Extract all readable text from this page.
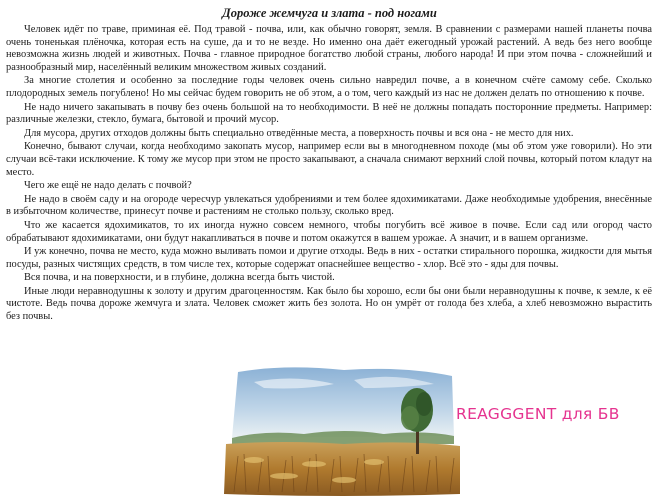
Дороже жемчуга и злата - под ногами

Человек идёт по траве, приминая её. Под травой - почва, или, как обычно говорят, земля. В сравнении с размерами нашей планеты почва очень тоненькая плёночка, которая есть на суше, да и то не везде. Но именно она даёт ежегодный урожай растений. А ведь без него вообще невозможна жизнь людей и животных. Почва - главное природное богатство любой страны, любого народа! И при этом почва - сложнейший и разнообразный мир, населённый великим множеством живых созданий.

За многие столетия и особенно за последние годы человек очень сильно навредил почве, а в конечном счёте самому себе. Сколько плодородных земель погублено! Но мы сейчас будем говорить не об этом, а о том, чего каждый из нас не должен делать по отношению к почве.

Не надо ничего закапывать в почву без очень большой на то необходимости. В неё не должны попадать посторонние предметы. Например: различные железки, стекло, бумага, бытовой и прочий мусор.

Для мусора, других отходов должны быть специально отведённые места, а поверхность почвы и вся она - не место для них.

Конечно, бывают случаи, когда необходимо закопать мусор, например если вы в многодневном походе (мы об этом уже говорили). Но эти случаи всё-таки исключение. К тому же мусор при этом не просто закапывают, а сначала снимают верхний слой почвы, который потом кладут на место.

Чего же ещё не надо делать с почвой?

Не надо в своём саду и на огороде чересчур увлекаться удобрениями и тем более ядохимикатами. Даже необходимые удобрения, внесённые в избыточном количестве, принесут почве и растениям не столько пользу, сколько вред.

Что же касается ядохимикатов, то их иногда нужно совсем немного, чтобы погубить всё живое в почве. Если сад или огород часто обрабатывают ядохимикатами, они будут накапливаться в почве и потом окажутся в вашем урожае. А значит, и в вашем организме.

И уж конечно, почва не место, куда можно выливать помои и другие отходы. Ведь в них - остатки стирального порошка, жидкости для мытья посуды, разных чистящих средств, в том числе тех, которые содержат опаснейшее вещество - хлор. Всё это - яды для почвы.

Вся почва, и на поверхности, и в глубине, должна всегда быть чистой.

Иные люди неравнодушны к золоту и другим драгоценностям. Как было бы хорошо, если бы они были неравнодушны к почве, к земле, к её чистоте. Ведь почва дороже жемчуга и злата. Человек сможет жить без золота. Но он умрёт от голода без хлеба, а хлеб невозможно вырастить без почвы.

REAGGGENT для БВ
